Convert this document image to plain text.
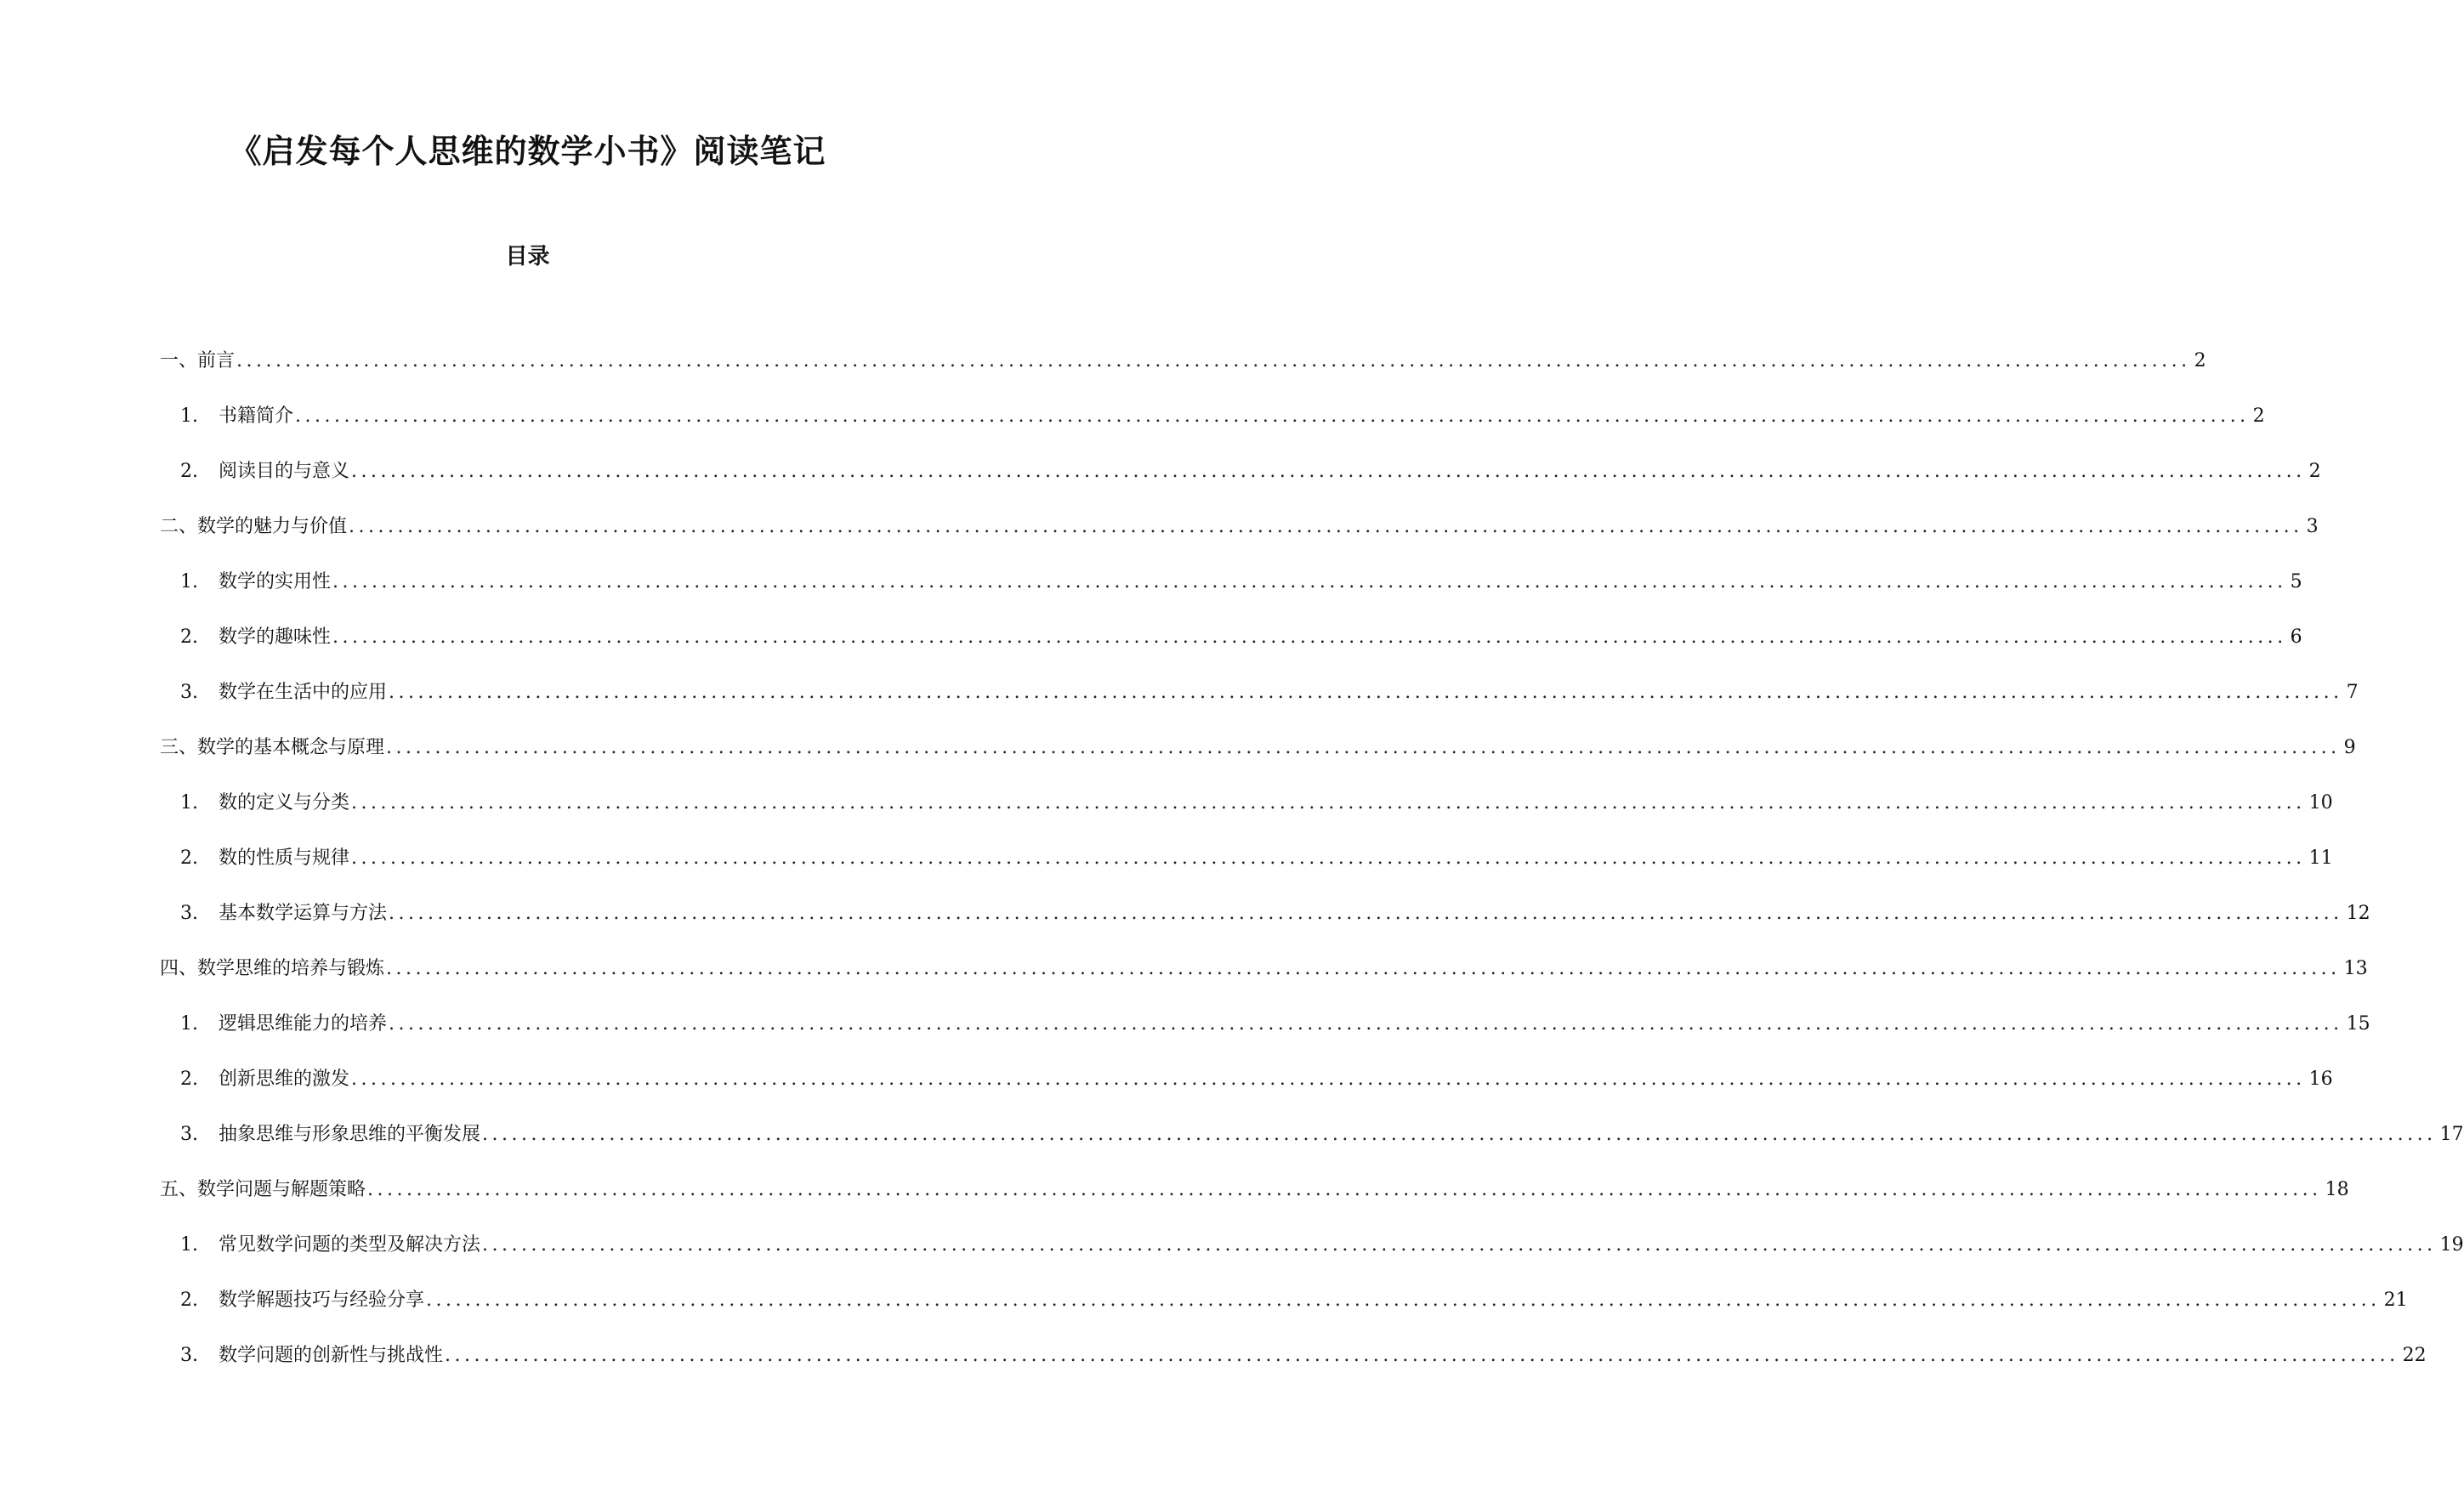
《启发每个人思维的数学小书》阅读笔记
目录
一、前言 ........................................................................................................................................................................................................ 2
1. 书籍简介 ........................................................................................................................................................................................................ 2
2. 阅读目的与意义 ........................................................................................................................................................................................................ 2
二、数学的魅力与价值 ........................................................................................................................................................................................................ 3
1. 数学的实用性 ........................................................................................................................................................................................................ 5
2. 数学的趣味性 ........................................................................................................................................................................................................ 6
3. 数学在生活中的应用 ........................................................................................................................................................................................................ 7
三、数学的基本概念与原理 ........................................................................................................................................................................................................ 9
1. 数的定义与分类 ........................................................................................................................................................................................................ 10
2. 数的性质与规律 ........................................................................................................................................................................................................ 11
3. 基本数学运算与方法 ........................................................................................................................................................................................................ 12
四、数学思维的培养与锻炼 ........................................................................................................................................................................................................ 13
1. 逻辑思维能力的培养 ........................................................................................................................................................................................................ 15
2. 创新思维的激发 ........................................................................................................................................................................................................ 16
3. 抽象思维与形象思维的平衡发展 ........................................................................................................................................................................................................ 17
五、数学问题与解题策略 ........................................................................................................................................................................................................ 18
1. 常见数学问题的类型及解决方法 ........................................................................................................................................................................................................ 19
2. 数学解题技巧与经验分享 ........................................................................................................................................................................................................ 21
3. 数学问题的创新性与挑战性 ........................................................................................................................................................................................................ 22
